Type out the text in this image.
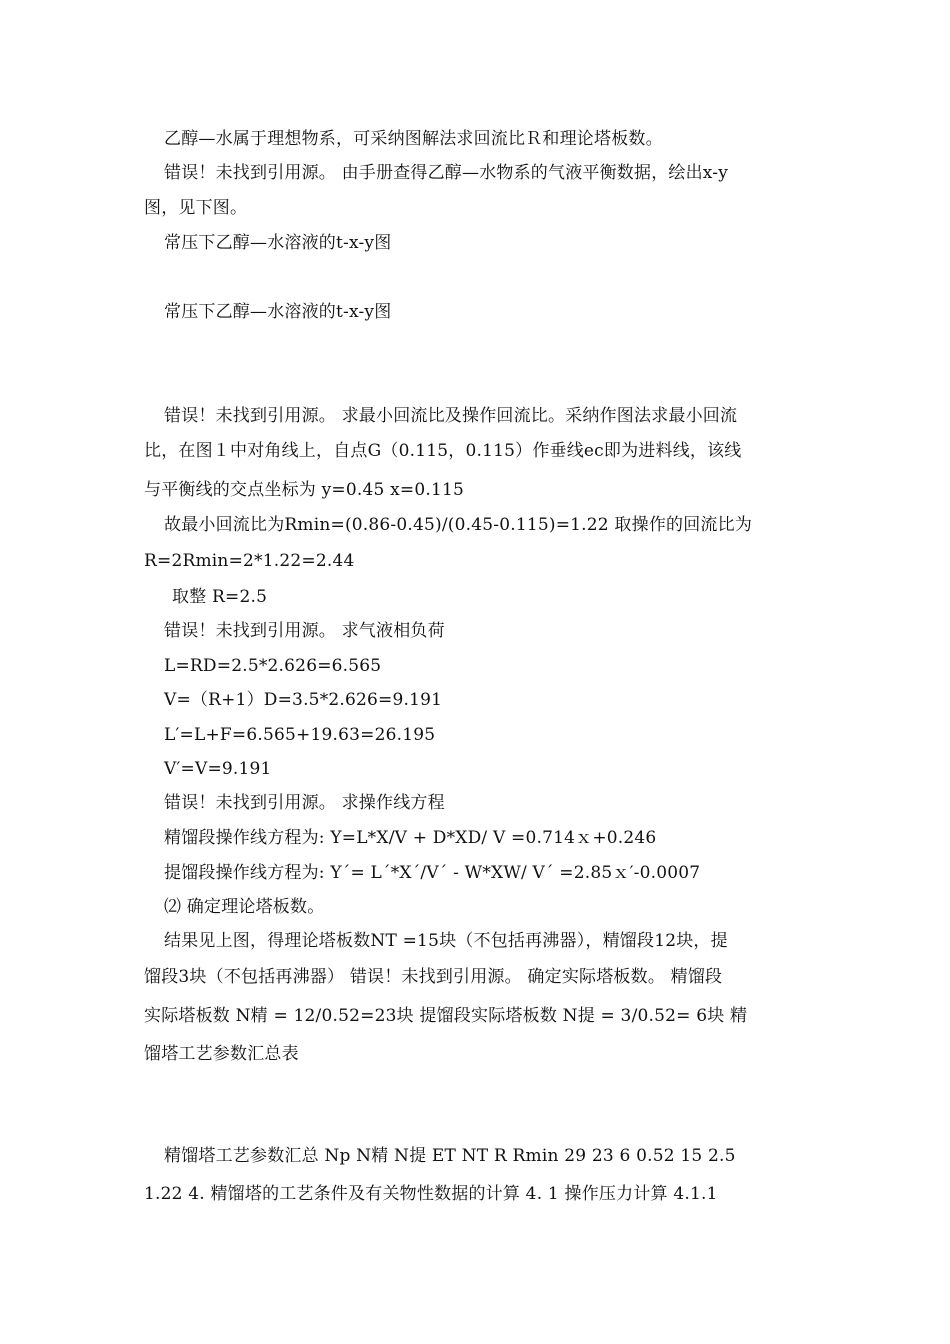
乙醇—水属于理想物系，可采纳图解法求回流比Ｒ和理论塔板数。
错误！未找到引用源。 由手册查得乙醇—水物系的气液平衡数据，绘出x-y
图，见下图。
常压下乙醇—水溶液的t-x-y图
常压下乙醇—水溶液的t-x-y图
错误！未找到引用源。 求最小回流比及操作回流比。采纳作图法求最小回流
比，在图１中对角线上，自点G（0.115，0.115）作垂线ec即为进料线，该线
与平衡线的交点坐标为 y=0.45 x=0.115
故最小回流比为Rmin=(0.86-0.45)/(0.45-0.115)=1.22 取操作的回流比为
R=2Rmin=2*1.22=2.44
取整 R=2.5
错误！未找到引用源。 求气液相负荷
L=RD=2.5*2.626=6.565
V=（R+1）D=3.5*2.626=9.191
L′=L+F=6.565+19.63=26.195
V′=V=9.191
错误！未找到引用源。 求操作线方程
精馏段操作线方程为: Y=L*X/V + D*XD/ V =0.714ｘ+0.246
提馏段操作线方程为: Y´= L´*X´/V´ - W*XW/ V´ =2.85ｘ′-0.0007
⑵ 确定理论塔板数。
结果见上图，得理论塔板数NT =15块（不包括再沸器），精馏段12块，提
馏段3块（不包括再沸器） 错误！未找到引用源。 确定实际塔板数。 精馏段
实际塔板数 N精 = 12/0.52=23块 提馏段实际塔板数 N提 = 3/0.52= 6块 精
馏塔工艺参数汇总表
精馏塔工艺参数汇总 Np N精 N提 ET NT R Rmin 29 23 6 0.52 15 2.5
1.22 4. 精馏塔的工艺条件及有关物性数据的计算 4. 1 操作压力计算 4.1.1
